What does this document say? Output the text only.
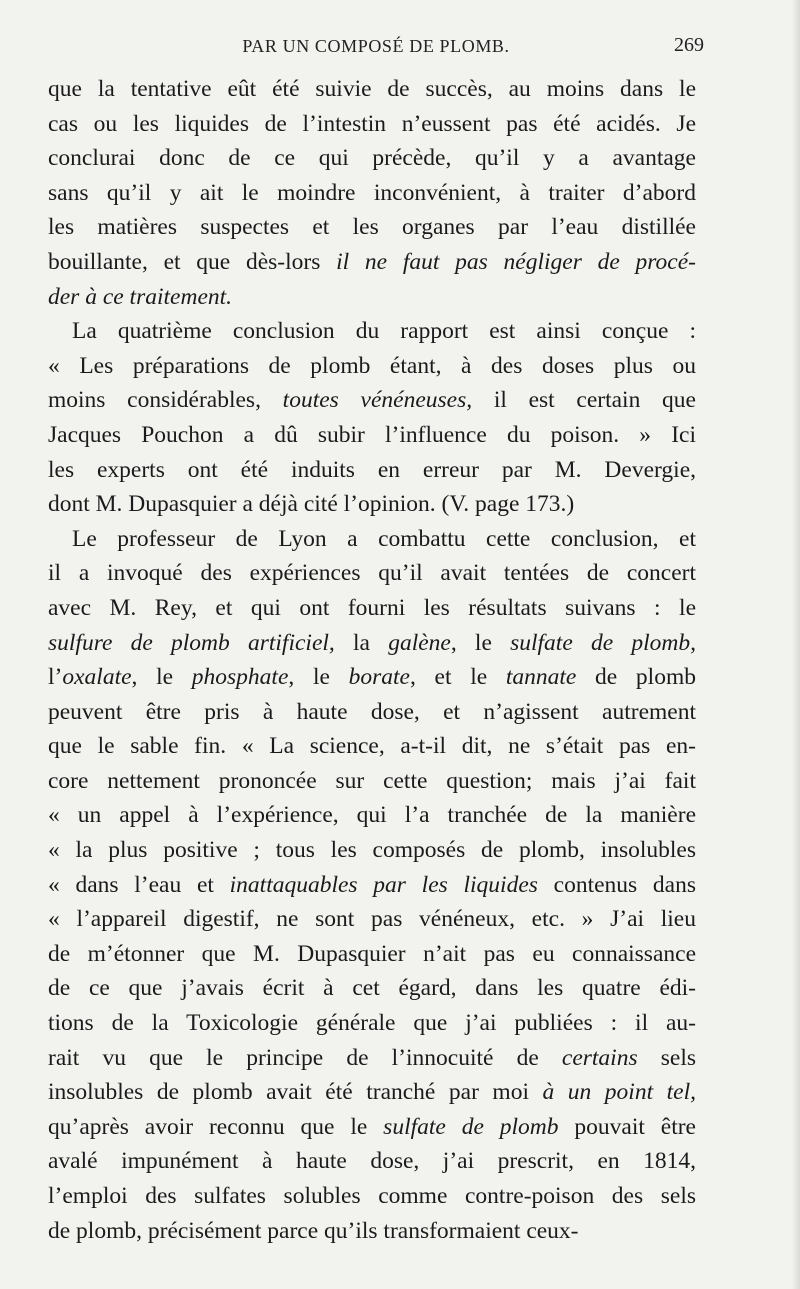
PAR UN COMPOSÉ DE PLOMB.	269
que la tentative eût été suivie de succès, au moins dans le
cas ou les liquides de l’intestin n’eussent pas été acidés. Je
conclurai donc de ce qui précède, qu’il y a avantage
sans qu’il y ait le moindre inconvénient, à traiter d’abord
les matières suspectes et les organes par l’eau distillée
bouillante, et que dès-lors il ne faut pas négliger de procé-
der à ce traitement.
La quatrième conclusion du rapport est ainsi conçue :
« Les préparations de plomb étant, à des doses plus ou
moins considérables, toutes vénéneuses, il est certain que
Jacques Pouchon a dû subir l’influence du poison. » Ici
les experts ont été induits en erreur par M. Devergie,
dont M. Dupasquier a déjà cité l’opinion. (V. page 173.)
Le professeur de Lyon a combattu cette conclusion, et
il a invoqué des expériences qu’il avait tentées de concert
avec M. Rey, et qui ont fourni les résultats suivans : le
sulfure de plomb artificiel, la galène, le sulfate de plomb,
l’oxalate, le phosphate, le borate, et le tannate de plomb
peuvent être pris à haute dose, et n’agissent autrement
que le sable fin. « La science, a-t-il dit, ne s’était pas en-
core nettement prononcée sur cette question; mais j’ai fait
« un appel à l’expérience, qui l’a tranchée de la manière
« la plus positive ; tous les composés de plomb, insolubles
« dans l’eau et inattaquables par les liquides contenus dans
« l’appareil digestif, ne sont pas vénéneux, etc. » J’ai lieu
de m’étonner que M. Dupasquier n’ait pas eu connaissance
de ce que j’avais écrit à cet égard, dans les quatre édi-
tions de la Toxicologie générale que j’ai publiées : il au-
rait vu que le principe de l’innocuité de certains sels
insolubles de plomb avait été tranché par moi à un point tel,
qu’après avoir reconnu que le sulfate de plomb pouvait être
avalé impunément à haute dose, j’ai prescrit, en 1814,
l’emploi des sulfates solubles comme contre-poison des sels
de plomb, précisément parce qu’ils transformaient ceux-
